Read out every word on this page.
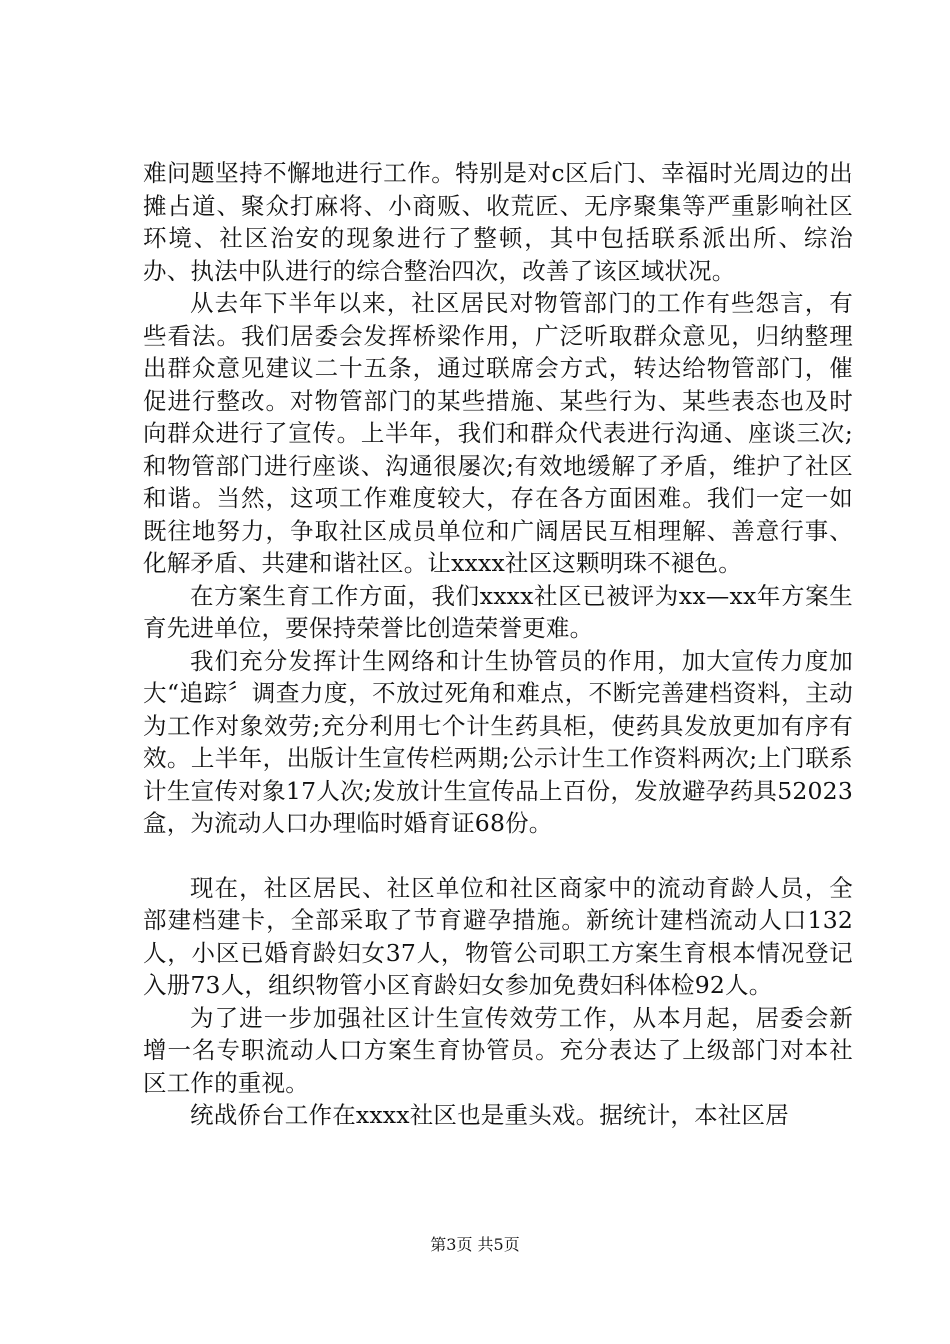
难问题坚持不懈地进行工作。特别是对c区后门、幸福时光周边的出摊占道、聚众打麻将、小商贩、收荒匠、无序聚集等严重影响社区环境、社区治安的现象进行了整顿，其中包括联系派出所、综治办、执法中队进行的综合整治四次，改善了该区域状况。

从去年下半年以来，社区居民对物管部门的工作有些怨言，有些看法。我们居委会发挥桥梁作用，广泛听取群众意见，归纳整理出群众意见建议二十五条，通过联席会方式，转达给物管部门，催促进行整改。对物管部门的某些措施、某些行为、某些表态也及时向群众进行了宣传。上半年，我们和群众代表进行沟通、座谈三次;和物管部门进行座谈、沟通很屡次;有效地缓解了矛盾，维护了社区和谐。当然，这项工作难度较大，存在各方面困难。我们一定一如既往地努力，争取社区成员单位和广阔居民互相理解、善意行事、化解矛盾、共建和谐社区。让xxxx社区这颗明珠不褪色。

在方案生育工作方面，我们xxxx社区已被评为xx—xx年方案生育先进单位，要保持荣誉比创造荣誉更难。

我们充分发挥计生网络和计生协管员的作用，加大宣传力度加大“追踪〞调查力度，不放过死角和难点，不断完善建档资料，主动为工作对象效劳;充分利用七个计生药具柜，使药具发放更加有序有效。上半年，出版计生宣传栏两期;公示计生工作资料两次;上门联系计生宣传对象17人次;发放计生宣传品上百份，发放避孕药具52023盒，为流动人口办理临时婚育证68份。

现在，社区居民、社区单位和社区商家中的流动育龄人员，全部建档建卡，全部采取了节育避孕措施。新统计建档流动人口132人，小区已婚育龄妇女37人，物管公司职工方案生育根本情况登记入册73人，组织物管小区育龄妇女参加免费妇科体检92人。

为了进一步加强社区计生宣传效劳工作，从本月起，居委会新增一名专职流动人口方案生育协管员。充分表达了上级部门对本社区工作的重视。

统战侨台工作在xxxx社区也是重头戏。据统计，本社区居

第3页 共5页
